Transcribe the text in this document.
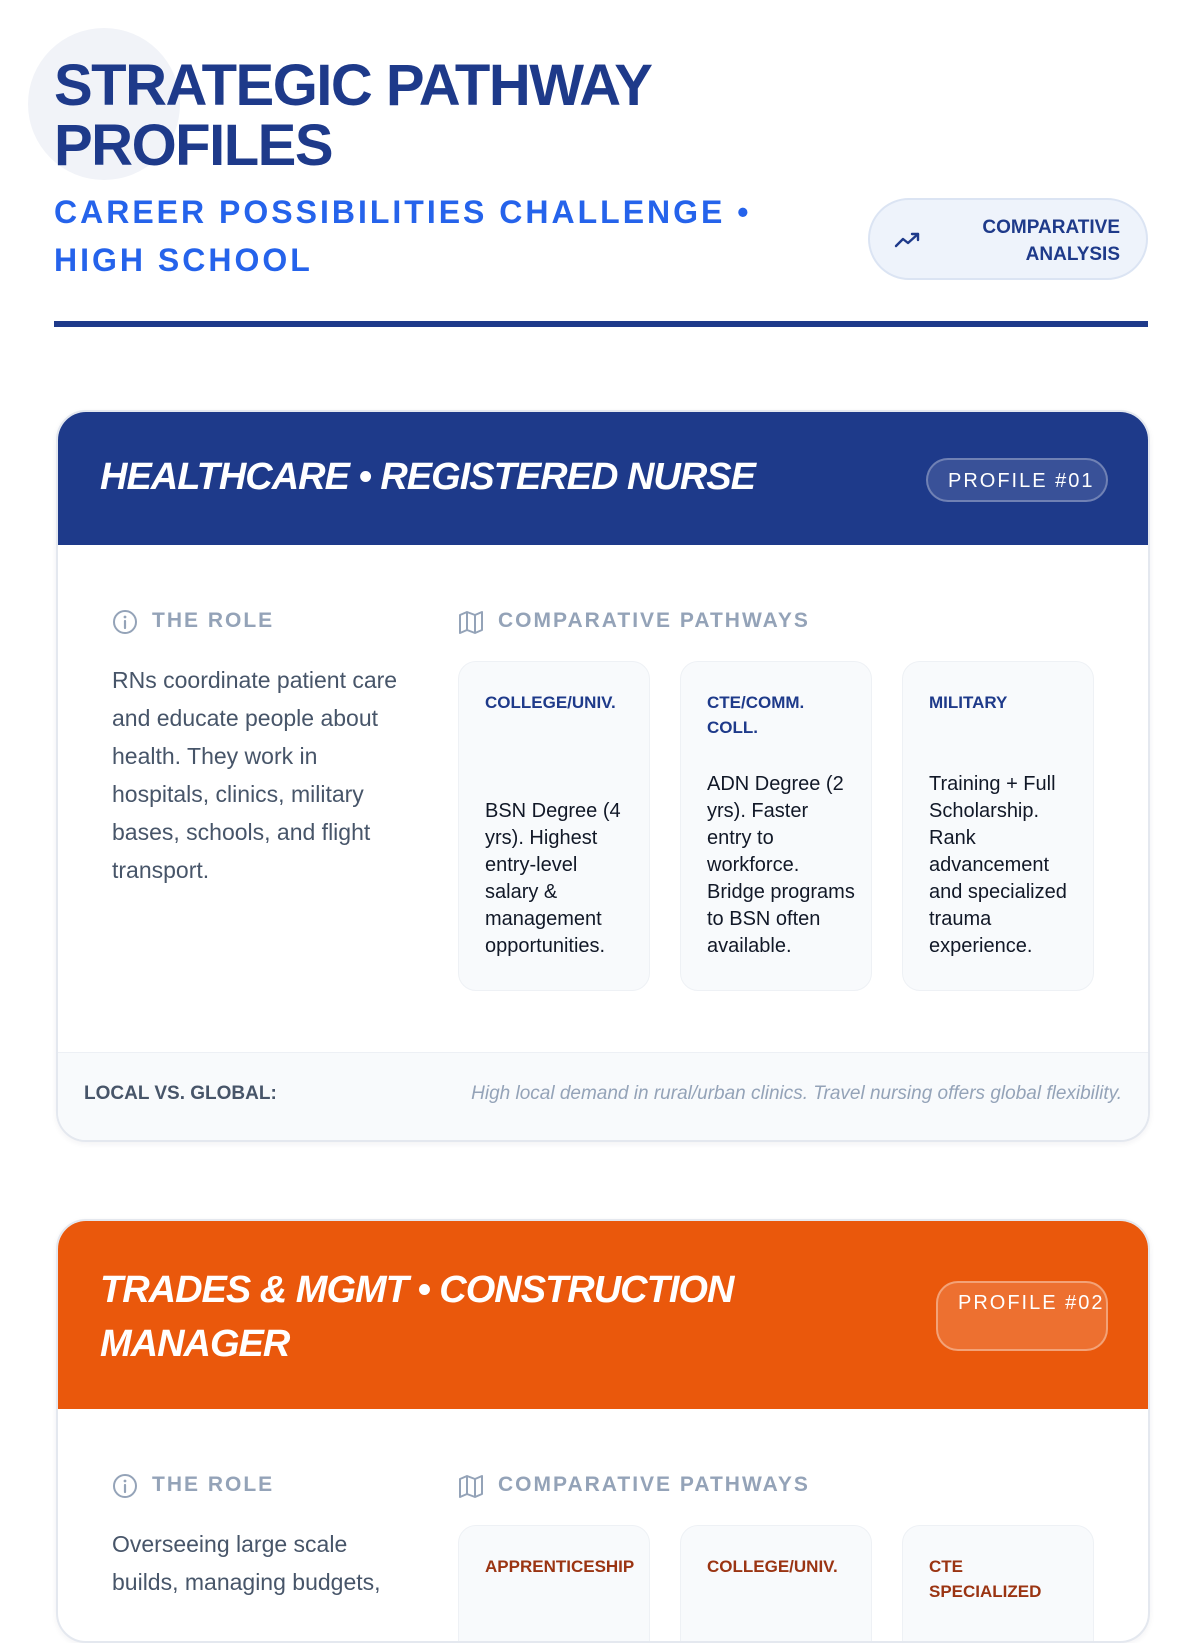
STRATEGIC PATHWAY
PROFILES

CAREER POSSIBILITIES CHALLENGE • HIGH SCHOOL

COMPARATIVE ANALYSIS
HEALTHCARE • REGISTERED NURSE	PROFILE #01
THE ROLE	COMPARATIVE PATHWAYS

RNs coordinate patient care and educate people about health. They work in hospitals, clinics, military bases, schools, and flight transport.

COLLEGE/UNIV.

BSN Degree (4 yrs). Highest entry-level salary & management opportunities.

CTE/COMM. COLL.

ADN Degree (2 yrs). Faster entry to workforce. Bridge programs to BSN often available.

MILITARY

Training + Full Scholarship. Rank advancement and specialized trauma experience.

LOCAL VS. GLOBAL:	High local demand in rural/urban clinics. Travel nursing offers global flexibility.
TRADES & MGMT • CONSTRUCTION MANAGER
PROFILE #02
THE ROLE	COMPARATIVE PATHWAYS

Overseeing large scale builds, managing budgets,

APPRENTICESHIP	COLLEGE/UNIV.	CTE SPECIALIZED
